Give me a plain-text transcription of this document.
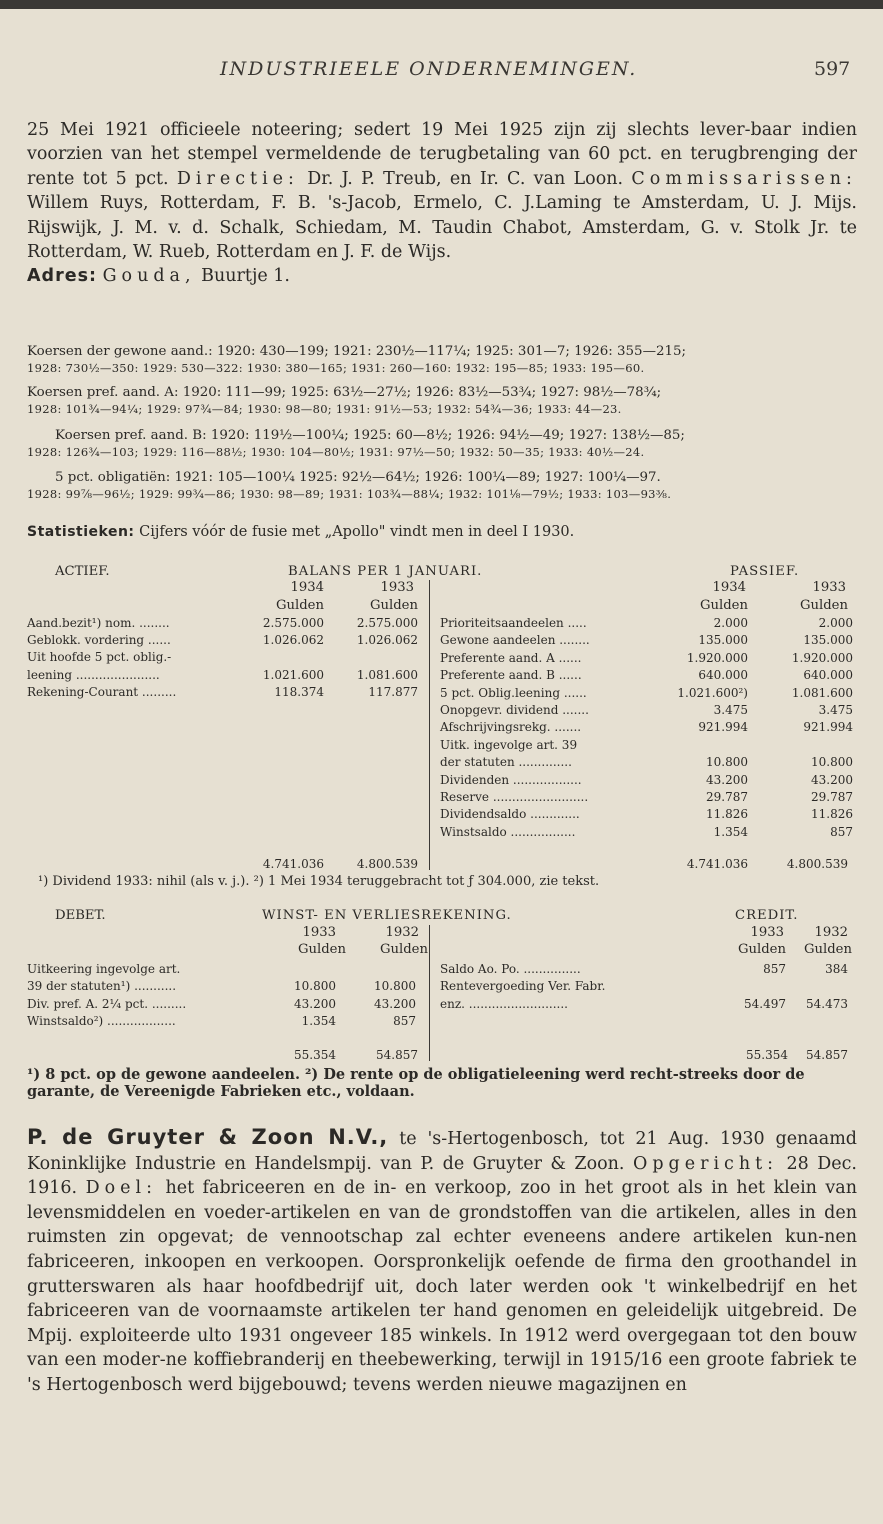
INDUSTRIEELE ONDERNEMINGEN.	597

25 Mei 1921 officieele noteering; sedert 19 Mei 1925 zijn zij slechts lever-baar indien voorzien van het stempel vermeldende de terugbetaling van 60 pct. en terugbrenging der rente tot 5 pct. Directie: Dr. J. P. Treub, en Ir. C. van Loon. Commissarissen: Willem Ruys, Rotterdam, F. B. 's-Jacob, Ermelo, C. J.Laming te Amsterdam, U. J. Mijs. Rijswijk, J. M. v. d. Schalk, Schiedam, M. Taudin Chabot, Amsterdam, G. v. Stolk Jr. te Rotterdam, W. Rueb, Rotterdam en J. F. de Wijs.
Adres: Gouda, Buurtje 1.

Koersen der gewone aand.: 1920: 430—199; 1921: 230½—117¼; 1925: 301—7; 1926: 355—215;
1928: 730½—350: 1929: 530—322: 1930: 380—165; 1931: 260—160: 1932: 195—85; 1933: 195—60.
Koersen pref. aand. A: 1920: 111—99; 1925: 63½—27½; 1926: 83½—53¾; 1927: 98½—78¾;
1928: 101¾—94¼; 1929: 97¾—84; 1930: 98—80; 1931: 91½—53; 1932: 54¾—36; 1933: 44—23.
Koersen pref. aand. B: 1920: 119½—100¼; 1925: 60—8½; 1926: 94½—49; 1927: 138½—85;
1928: 126¾—103; 1929: 116—88½; 1930: 104—80½; 1931: 97½—50; 1932: 50—35; 1933: 40½—24.
5 pct. obligatiën: 1921: 105—100¼ 1925: 92½—64½; 1926: 100¼—89; 1927: 100¼—97.
1928: 99⅞—96½; 1929: 99¾—86; 1930: 98—89; 1931: 103¾—88¼; 1932: 101⅛—79½; 1933: 103—93⅜.
Statistieken: Cijfers vóór de fusie met „Apollo" vindt men in deel I 1930.
ACTIEF.	BALANS PER 1 JANUARI.	PASSIEF.
1934	1933	1934	1933
Gulden	Gulden	Gulden	Gulden
Aand.bezit¹) nom. ........	2.575.000	2.575.000
Geblokk. vordering ......	1.026.062	1.026.062
Uit hoofde 5 pct. oblig.-
leening ......................	1.021.600	1.081.600
Rekening-Courant .........	118.374	117.877
Prioriteitsaandeelen .....	2.000	2.000
Gewone aandeelen ........	135.000	135.000
Preferente aand. A ......	1.920.000	1.920.000
Preferente aand. B ......	640.000	640.000
5 pct. Oblig.leening ......	1.021.600²)	1.081.600
Onopgevr. dividend .......	3.475	3.475
Afschrijvingsrekg. .......	921.994	921.994
Uitk. ingevolge art. 39
der statuten ..............	10.800	10.800
Dividenden ..................	43.200	43.200
Reserve .........................	29.787	29.787
Dividendsaldo .............	11.826	11.826
Winstsaldo .................	1.354	857
4.741.036	4.800.539	4.741.036	4.800.539
¹) Dividend 1933: nihil (als v. j.). ²) 1 Mei 1934 teruggebracht tot ƒ 304.000, zie tekst.
DEBET.	WINST- EN VERLIESREKENING.	CREDIT.
1933	1932	1933	1932
Gulden	Gulden	Gulden	Gulden
Uitkeering ingevolge art.
39 der statuten¹) ...........	10.800	10.800
Div. pref. A. 2¼ pct. .........	43.200	43.200
Winstsaldo²) ..................	1.354	857
Saldo Ao. Po. ...............	857	384
Rentevergoeding Ver. Fabr.
enz. ..........................	54.497	54.473
55.354	54.857	55.354	54.857

¹) 8 pct. op de gewone aandeelen. ²) De rente op de obligatieleening werd recht-streeks door de garante, de Vereenigde Fabrieken etc., voldaan.

P. de Gruyter & Zoon N.V., te 's-Hertogenbosch, tot 21 Aug. 1930 genaamd Koninklijke Industrie en Handelsmpij. van P. de Gruyter & Zoon. Opgericht: 28 Dec. 1916. Doel: het fabriceeren en de in- en verkoop, zoo in het groot als in het klein van levensmiddelen en voeder-artikelen en van de grondstoffen van die artikelen, alles in den ruimsten zin opgevat; de vennootschap zal echter eveneens andere artikelen kun-nen fabriceeren, inkoopen en verkoopen. Oorspronkelijk oefende de firma den groothandel in grutterswaren als haar hoofdbedrijf uit, doch later werden ook 't winkelbedrijf en het fabriceeren van de voornaamste artikelen ter hand genomen en geleidelijk uitgebreid. De Mpij. exploiteerde ulto 1931 ongeveer 185 winkels. In 1912 werd overgegaan tot den bouw van een moder-ne koffiebranderij en theebewerking, terwijl in 1915/16 een groote fabriek te 's Hertogenbosch werd bijgebouwd; tevens werden nieuwe magazijnen en
